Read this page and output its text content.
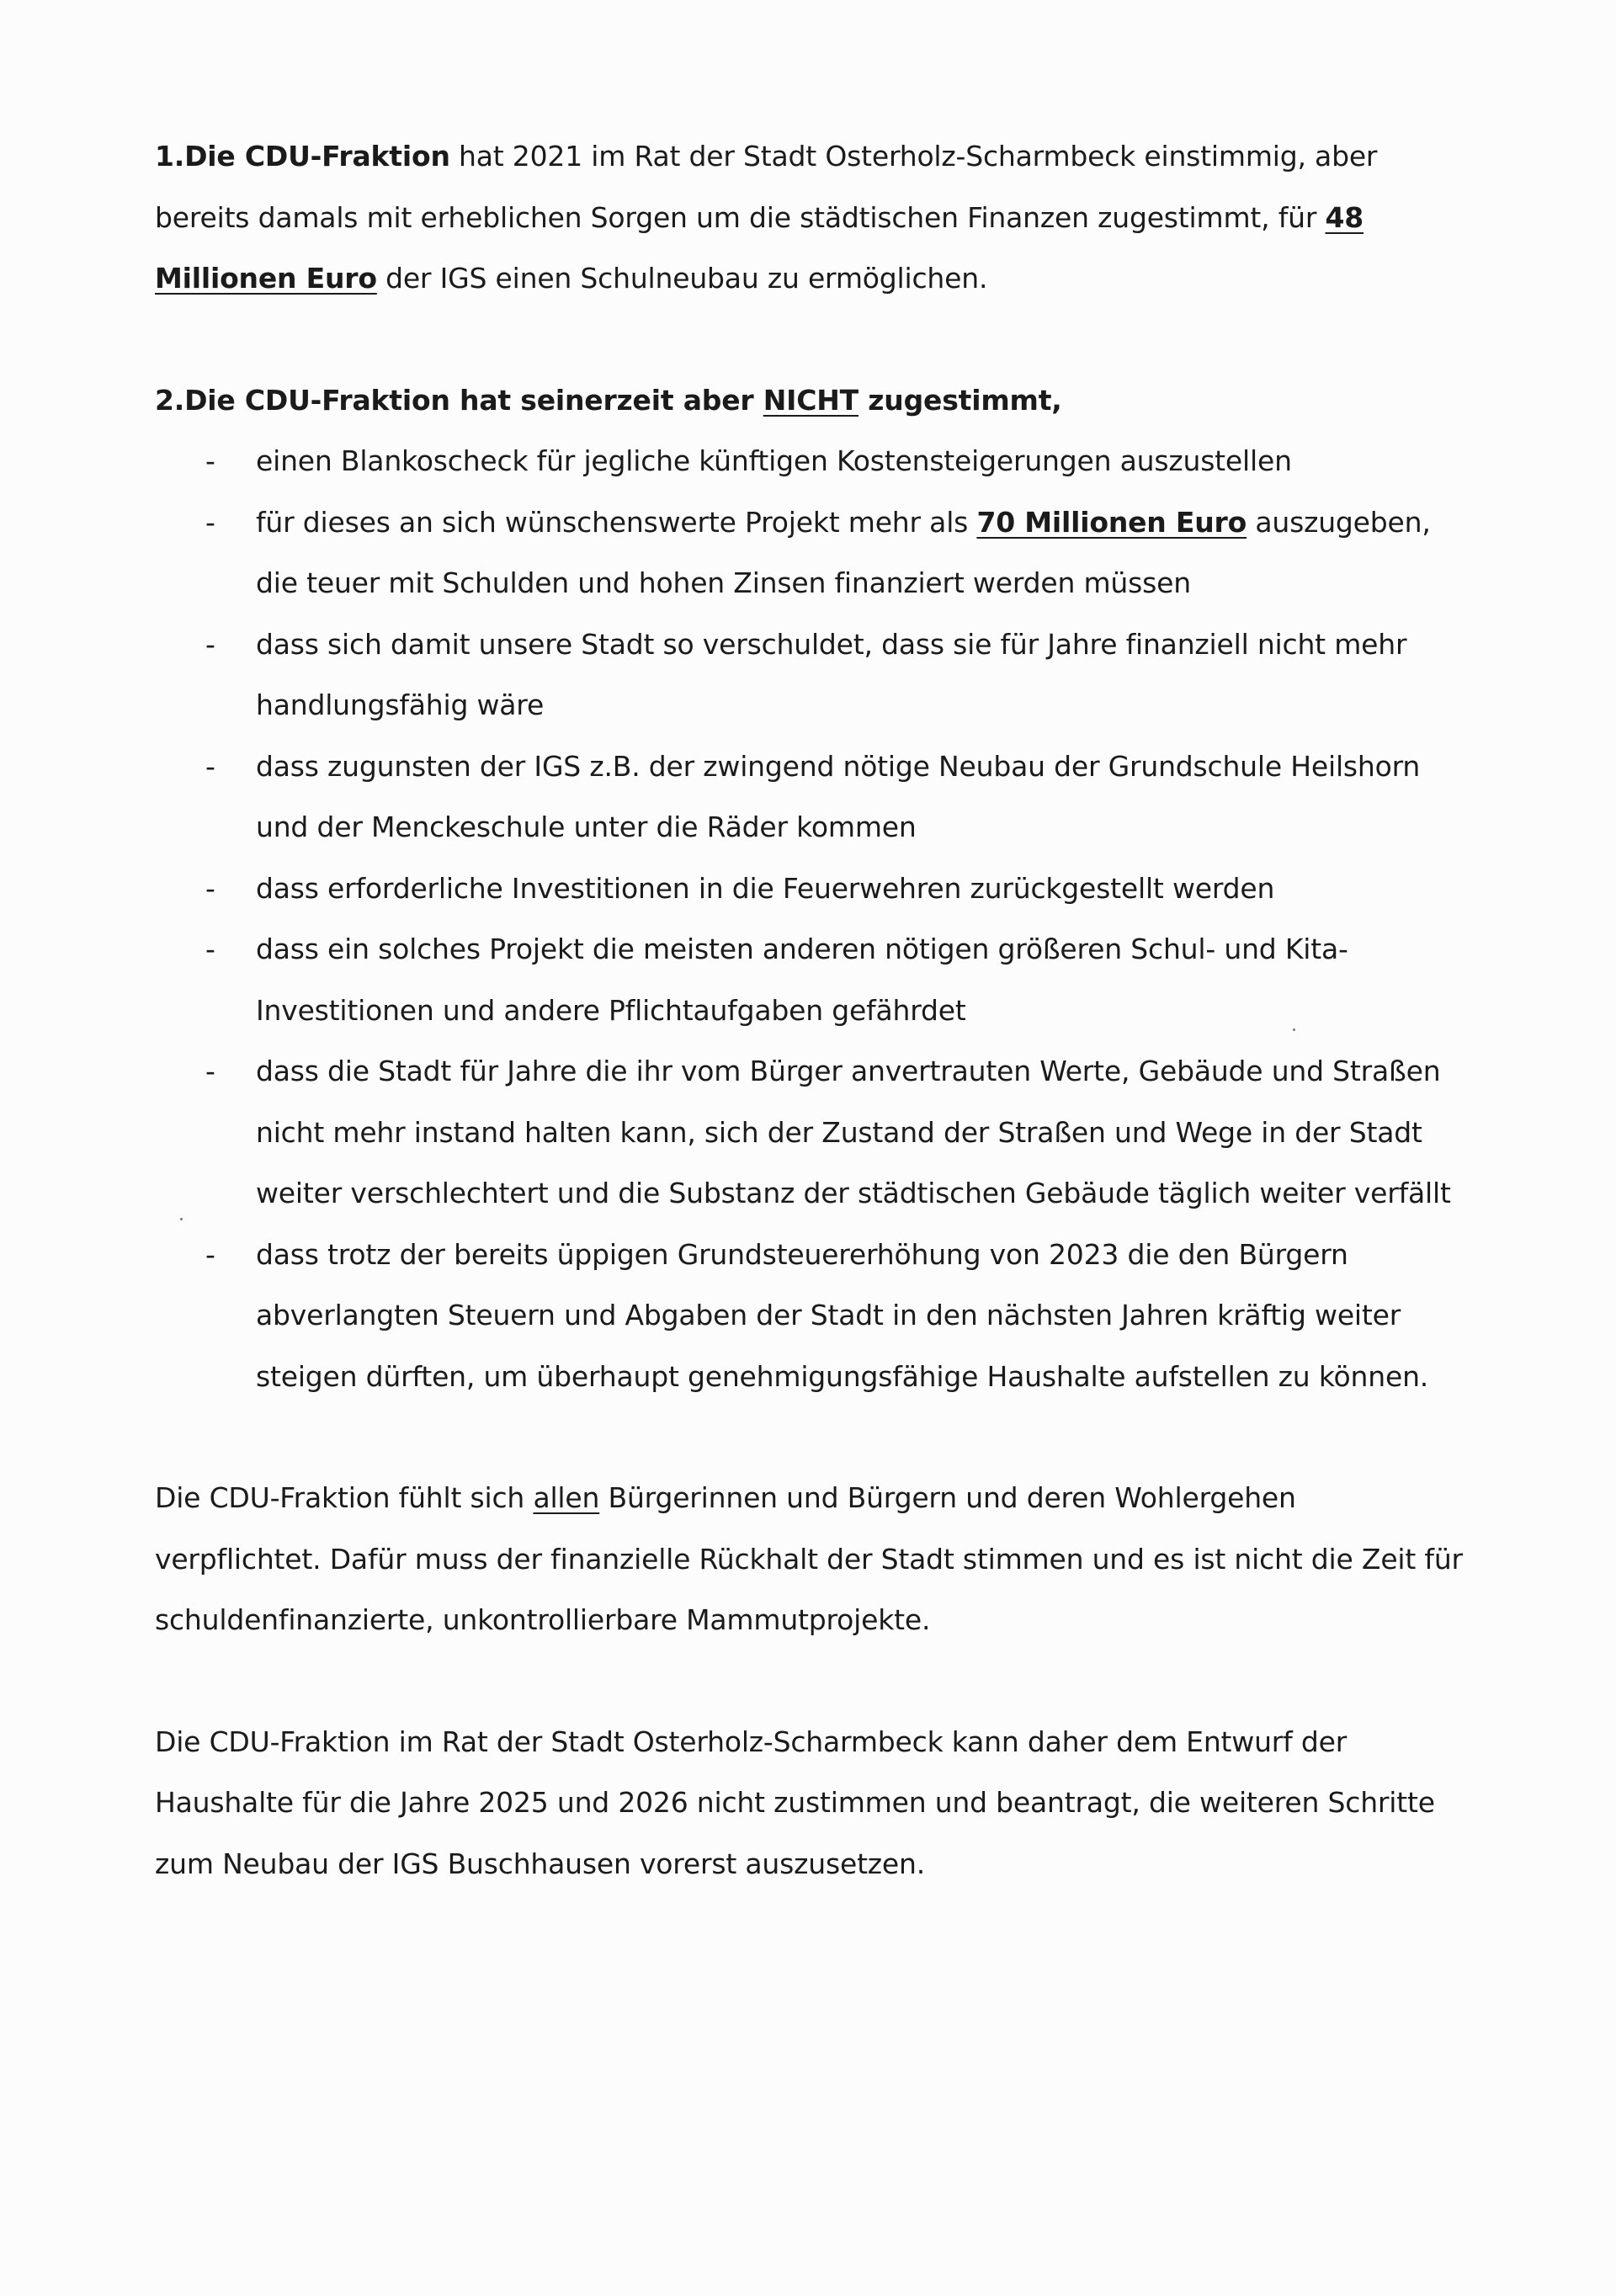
1.Die CDU-Fraktion hat 2021 im Rat der Stadt Osterholz-Scharmbeck einstimmig, aber bereits damals mit erheblichen Sorgen um die städtischen Finanzen zugestimmt, für 48 Millionen Euro der IGS einen Schulneubau zu ermöglichen.

2.Die CDU-Fraktion hat seinerzeit aber NICHT zugestimmt,

- einen Blankoscheck für jegliche künftigen Kostensteigerungen auszustellen
- für dieses an sich wünschenswerte Projekt mehr als 70 Millionen Euro auszugeben, die teuer mit Schulden und hohen Zinsen finanziert werden müssen
- dass sich damit unsere Stadt so verschuldet, dass sie für Jahre finanziell nicht mehr handlungsfähig wäre
- dass zugunsten der IGS z.B. der zwingend nötige Neubau der Grundschule Heilshorn und der Menckeschule unter die Räder kommen
- dass erforderliche Investitionen in die Feuerwehren zurückgestellt werden
- dass ein solches Projekt die meisten anderen nötigen größeren Schul- und Kita-Investitionen und andere Pflichtaufgaben gefährdet
- dass die Stadt für Jahre die ihr vom Bürger anvertrauten Werte, Gebäude und Straßen nicht mehr instand halten kann, sich der Zustand der Straßen und Wege in der Stadt weiter verschlechtert und die Substanz der städtischen Gebäude täglich weiter verfällt
- dass trotz der bereits üppigen Grundsteuererhöhung von 2023 die den Bürgern abverlangten Steuern und Abgaben der Stadt in den nächsten Jahren kräftig weiter steigen dürften, um überhaupt genehmigungsfähige Haushalte aufstellen zu können.

Die CDU-Fraktion fühlt sich allen Bürgerinnen und Bürgern und deren Wohlergehen verpflichtet. Dafür muss der finanzielle Rückhalt der Stadt stimmen und es ist nicht die Zeit für schuldenfinanzierte, unkontrollierbare Mammutprojekte.

Die CDU-Fraktion im Rat der Stadt Osterholz-Scharmbeck kann daher dem Entwurf der Haushalte für die Jahre 2025 und 2026 nicht zustimmen und beantragt, die weiteren Schritte zum Neubau der IGS Buschhausen vorerst auszusetzen.
